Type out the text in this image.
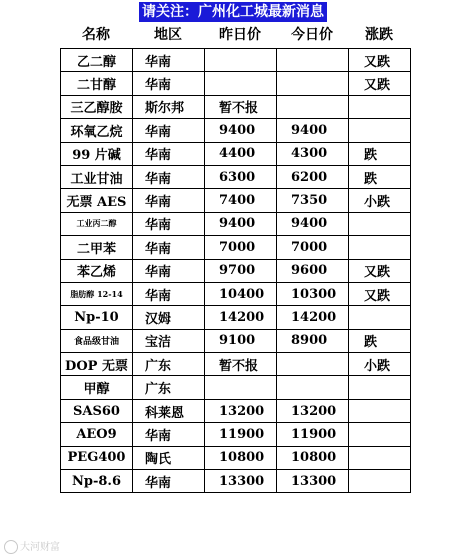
请关注：广州化工城最新消息
名称	地区	昨日价	今日价	涨跌
乙二醇	华南			又跌
二甘醇	华南			又跌
三乙醇胺	斯尔邦	暂不报		
环氧乙烷	华南	9400	9400	
99 片碱	华南	4400	4300	跌
工业甘油	华南	6300	6200	跌
无票 AES	华南	7400	7350	小跌
工业丙二醇	华南	9400	9400	
二甲苯	华南	7000	7000	
苯乙烯	华南	9700	9600	又跌
脂肪醇 12-14	华南	10400	10300	又跌
Np-10	汉姆	14200	14200	
食品级甘油	宝洁	9100	8900	跌
DOP 无票	广东	暂不报		小跌
甲醇	广东			
SAS60	科莱恩	13200	13200	
AEO9	华南	11900	11900	
PEG400	陶氏	10800	10800	
Np-8.6	华南	13300	13300	
大河财富
